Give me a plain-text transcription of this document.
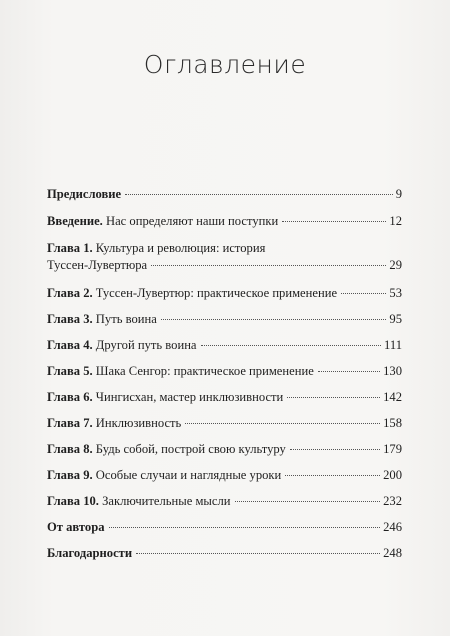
Оглавление
Предисловие	9
Введение. Нас определяют наши поступки	12
Глава 1. Культура и революция: история
Туссен-Лувертюра	29
Глава 2. Туссен-Лувертюр: практическое применение	53
Глава 3. Путь воина	95
Глава 4. Другой путь воина	111
Глава 5. Шака Сенгор: практическое применение	130
Глава 6. Чингисхан, мастер инклюзивности	142
Глава 7. Инклюзивность	158
Глава 8. Будь собой, построй свою культуру	179
Глава 9. Особые случаи и наглядные уроки	200
Глава 10. Заключительные мысли	232
От автора	246
Благодарности	248
